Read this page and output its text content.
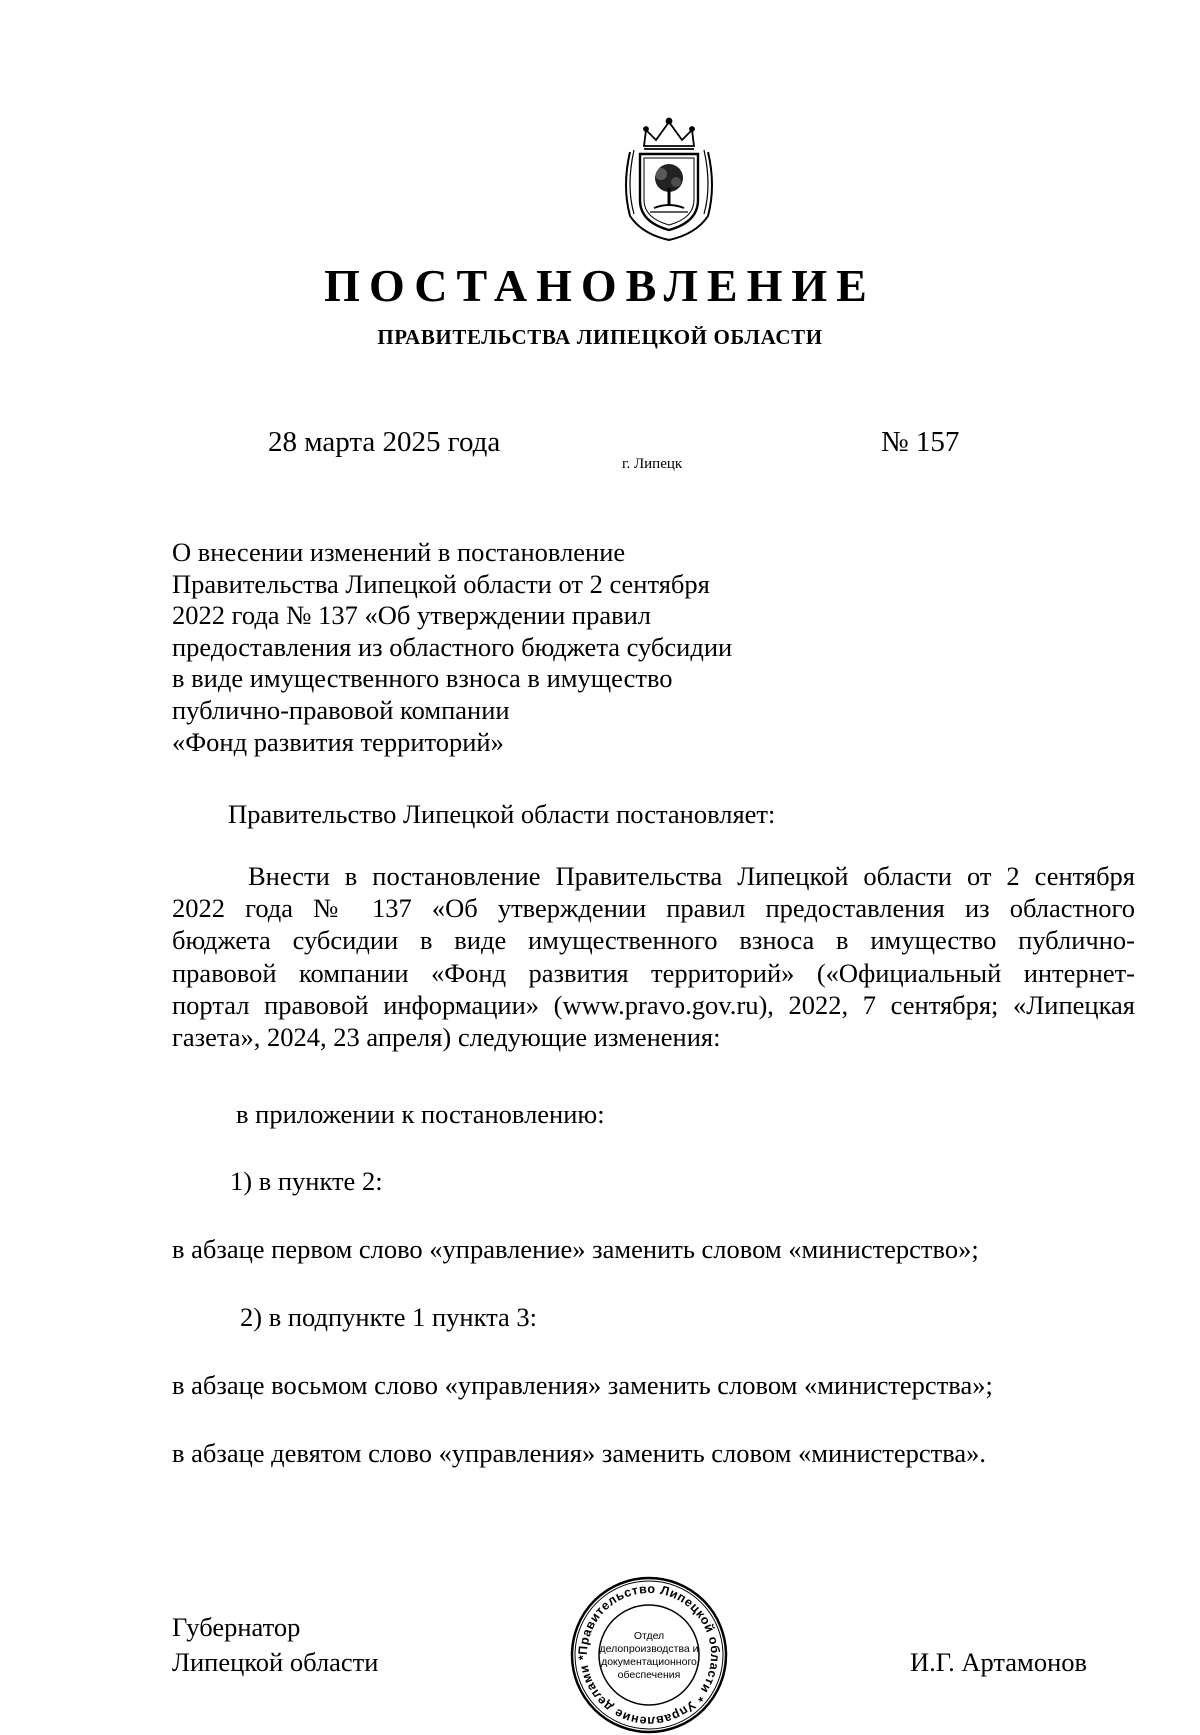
ПОСТАНОВЛЕНИЕ
ПРАВИТЕЛЬСТВА ЛИПЕЦКОЙ ОБЛАСТИ
28 марта 2025 года
г. Липецк
№ 157
О внесении изменений в постановление
Правительства Липецкой области от 2 сентября
2022 года № 137 «Об утверждении правил
предоставления из областного бюджета субсидии
в виде имущественного взноса в имущество
публично-правовой компании
«Фонд развития территорий»
Правительство Липецкой области постановляет:
Внести в постановление Правительства Липецкой области от 2 сентября
2022 года № 137 «Об утверждении правил предоставления из областного
бюджета субсидии в виде имущественного взноса в имущество публично-
правовой компании «Фонд развития территорий» («Официальный интернет-
портал правовой информации» (www.pravo.gov.ru), 2022, 7 сентября; «Липецкая
газета», 2024, 23 апреля) следующие изменения:
в приложении к постановлению:
1) в пункте 2:
в абзаце первом слово «управление» заменить словом «министерство»;
2) в подпункте 1 пункта 3:
в абзаце восьмом слово «управления» заменить словом «министерства»;
в абзаце девятом слово «управления» заменить словом «министерства».
Губернатор
Липецкой области	И.Г. Артамонов
Правительство Липецкой области * Управление делами *
Отдел
делопроизводства и
документационного
обеспечения
